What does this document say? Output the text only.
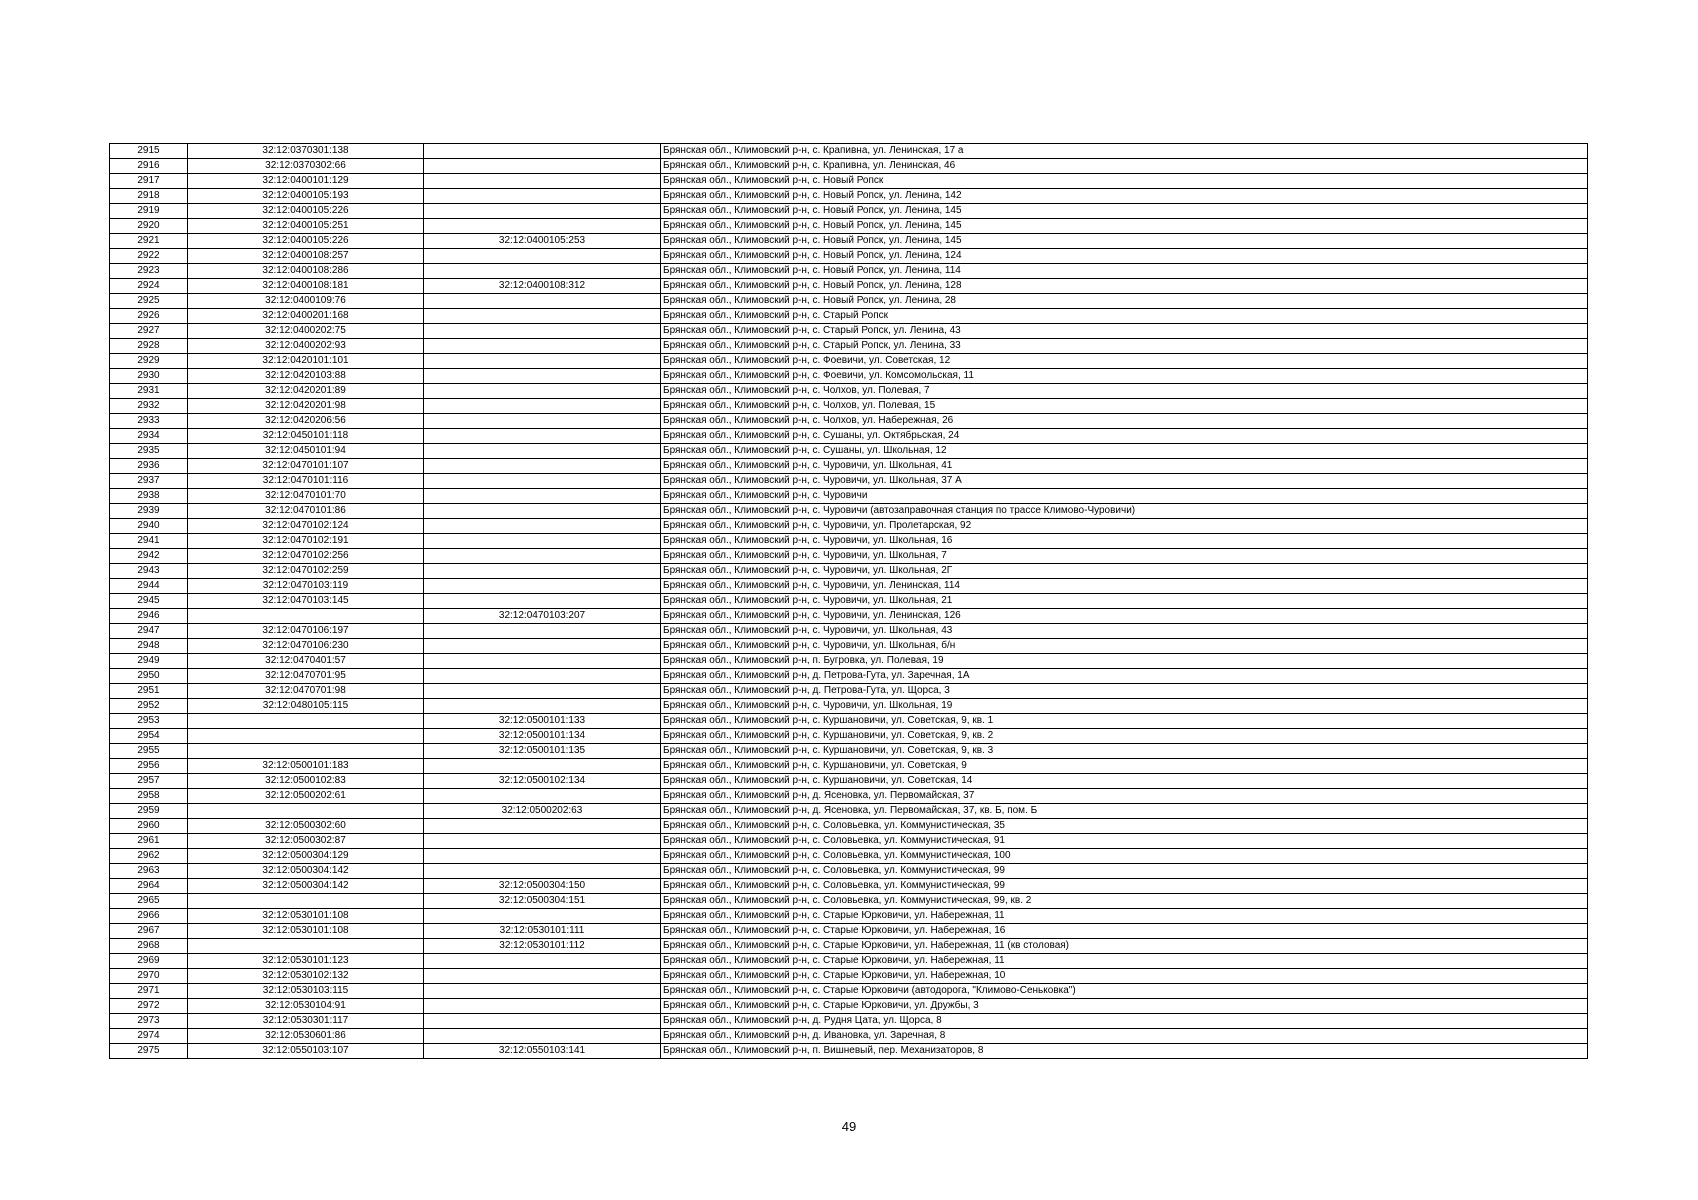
2915	32:12:0370301:138		Брянская обл., Климовский р-н, с. Крапивна, ул. Ленинская, 17 а
2916	32:12:0370302:66		Брянская обл., Климовский р-н, с. Крапивна, ул. Ленинская, 46
2917	32:12:0400101:129		Брянская обл., Климовский р-н, с. Новый Ропск
2918	32:12:0400105:193		Брянская обл., Климовский р-н, с. Новый Ропск, ул. Ленина, 142
2919	32:12:0400105:226		Брянская обл., Климовский р-н, с. Новый Ропск, ул. Ленина, 145
2920	32:12:0400105:251		Брянская обл., Климовский р-н, с. Новый Ропск, ул. Ленина, 145
2921	32:12:0400105:226	32:12:0400105:253	Брянская обл., Климовский р-н, с. Новый Ропск, ул. Ленина, 145
2922	32:12:0400108:257		Брянская обл., Климовский р-н, с. Новый Ропск, ул. Ленина, 124
2923	32:12:0400108:286		Брянская обл., Климовский р-н, с. Новый Ропск, ул. Ленина, 114
2924	32:12:0400108:181	32:12:0400108:312	Брянская обл., Климовский р-н, с. Новый Ропск, ул. Ленина, 128
2925	32:12:0400109:76		Брянская обл., Климовский р-н, с. Новый Ропск, ул. Ленина, 28
2926	32:12:0400201:168		Брянская обл., Климовский р-н, с. Старый Ропск
2927	32:12:0400202:75		Брянская обл., Климовский р-н, с. Старый Ропск, ул. Ленина, 43
2928	32:12:0400202:93		Брянская обл., Климовский р-н, с. Старый Ропск, ул. Ленина, 33
2929	32:12:0420101:101		Брянская обл., Климовский р-н, с. Фоевичи, ул. Советская, 12
2930	32:12:0420103:88		Брянская обл., Климовский р-н, с. Фоевичи, ул. Комсомольская, 11
2931	32:12:0420201:89		Брянская обл., Климовский р-н, с. Чолхов, ул. Полевая, 7
2932	32:12:0420201:98		Брянская обл., Климовский р-н, с. Чолхов, ул. Полевая, 15
2933	32:12:0420206:56		Брянская обл., Климовский р-н, с. Чолхов, ул. Набережная, 26
2934	32:12:0450101:118		Брянская обл., Климовский р-н, с. Сушаны, ул. Октябрьская, 24
2935	32:12:0450101:94		Брянская обл., Климовский р-н, с. Сушаны, ул. Школьная, 12
2936	32:12:0470101:107		Брянская обл., Климовский р-н, с. Чуровичи, ул. Школьная, 41
2937	32:12:0470101:116		Брянская обл., Климовский р-н, с. Чуровичи, ул. Школьная, 37 А
2938	32:12:0470101:70		Брянская обл., Климовский р-н, с. Чуровичи
2939	32:12:0470101:86		Брянская обл., Климовский р-н, с. Чуровичи (автозаправочная станция по трассе Климово-Чуровичи)
2940	32:12:0470102:124		Брянская обл., Климовский р-н, с. Чуровичи, ул. Пролетарская, 92
2941	32:12:0470102:191		Брянская обл., Климовский р-н, с. Чуровичи, ул. Школьная, 16
2942	32:12:0470102:256		Брянская обл., Климовский р-н, с. Чуровичи, ул. Школьная, 7
2943	32:12:0470102:259		Брянская обл., Климовский р-н, с. Чуровичи, ул. Школьная, 2Г
2944	32:12:0470103:119		Брянская обл., Климовский р-н, с. Чуровичи, ул. Ленинская, 114
2945	32:12:0470103:145		Брянская обл., Климовский р-н, с. Чуровичи, ул. Школьная, 21
2946		32:12:0470103:207	Брянская обл., Климовский р-н, с. Чуровичи, ул. Ленинская, 126
2947	32:12:0470106:197		Брянская обл., Климовский р-н, с. Чуровичи, ул. Школьная, 43
2948	32:12:0470106:230		Брянская обл., Климовский р-н, с. Чуровичи, ул. Школьная, б/н
2949	32:12:0470401:57		Брянская обл., Климовский р-н, п. Бугровка, ул. Полевая, 19
2950	32:12:0470701:95		Брянская обл., Климовский р-н, д. Петрова-Гута, ул. Заречная, 1А
2951	32:12:0470701:98		Брянская обл., Климовский р-н, д. Петрова-Гута, ул. Щорса, 3
2952	32:12:0480105:115		Брянская обл., Климовский р-н, с. Чуровичи, ул. Школьная, 19
2953		32:12:0500101:133	Брянская обл., Климовский р-н, с. Куршановичи, ул. Советская, 9, кв. 1
2954		32:12:0500101:134	Брянская обл., Климовский р-н, с. Куршановичи, ул. Советская, 9, кв. 2
2955		32:12:0500101:135	Брянская обл., Климовский р-н, с. Куршановичи, ул. Советская, 9, кв. 3
2956	32:12:0500101:183		Брянская обл., Климовский р-н, с. Куршановичи, ул. Советская, 9
2957	32:12:0500102:83	32:12:0500102:134	Брянская обл., Климовский р-н, с. Куршановичи, ул. Советская, 14
2958	32:12:0500202:61		Брянская обл., Климовский р-н, д. Ясеновка, ул. Первомайская, 37
2959		32:12:0500202:63	Брянская обл., Климовский р-н, д. Ясеновка, ул. Первомайская, 37, кв. Б, пом. Б
2960	32:12:0500302:60		Брянская обл., Климовский р-н, с. Соловьевка, ул. Коммунистическая, 35
2961	32:12:0500302:87		Брянская обл., Климовский р-н, с. Соловьевка, ул. Коммунистическая, 91
2962	32:12:0500304:129		Брянская обл., Климовский р-н, с. Соловьевка, ул. Коммунистическая, 100
2963	32:12:0500304:142		Брянская обл., Климовский р-н, с. Соловьевка, ул. Коммунистическая, 99
2964	32:12:0500304:142	32:12:0500304:150	Брянская обл., Климовский р-н, с. Соловьевка, ул. Коммунистическая, 99
2965		32:12:0500304:151	Брянская обл., Климовский р-н, с. Соловьевка, ул. Коммунистическая, 99, кв. 2
2966	32:12:0530101:108		Брянская обл., Климовский р-н, с. Старые Юрковичи, ул. Набережная, 11
2967	32:12:0530101:108	32:12:0530101:111	Брянская обл., Климовский р-н, с. Старые Юрковичи, ул. Набережная, 16
2968		32:12:0530101:112	Брянская обл., Климовский р-н, с. Старые Юрковичи, ул. Набережная, 11 (кв столовая)
2969	32:12:0530101:123		Брянская обл., Климовский р-н, с. Старые Юрковичи, ул. Набережная, 11
2970	32:12:0530102:132		Брянская обл., Климовский р-н, с. Старые Юрковичи, ул. Набережная, 10
2971	32:12:0530103:115		Брянская обл., Климовский р-н, с. Старые Юрковичи (автодорога, "Климово-Сеньковка")
2972	32:12:0530104:91		Брянская обл., Климовский р-н, с. Старые Юрковичи, ул. Дружбы, 3
2973	32:12:0530301:117		Брянская обл., Климовский р-н, д. Рудня Цата, ул. Щорса, 8
2974	32:12:0530601:86		Брянская обл., Климовский р-н, д. Ивановка, ул. Заречная, 8
2975	32:12:0550103:107	32:12:0550103:141	Брянская обл., Климовский р-н, п. Вишневый, пер. Механизаторов, 8
49
